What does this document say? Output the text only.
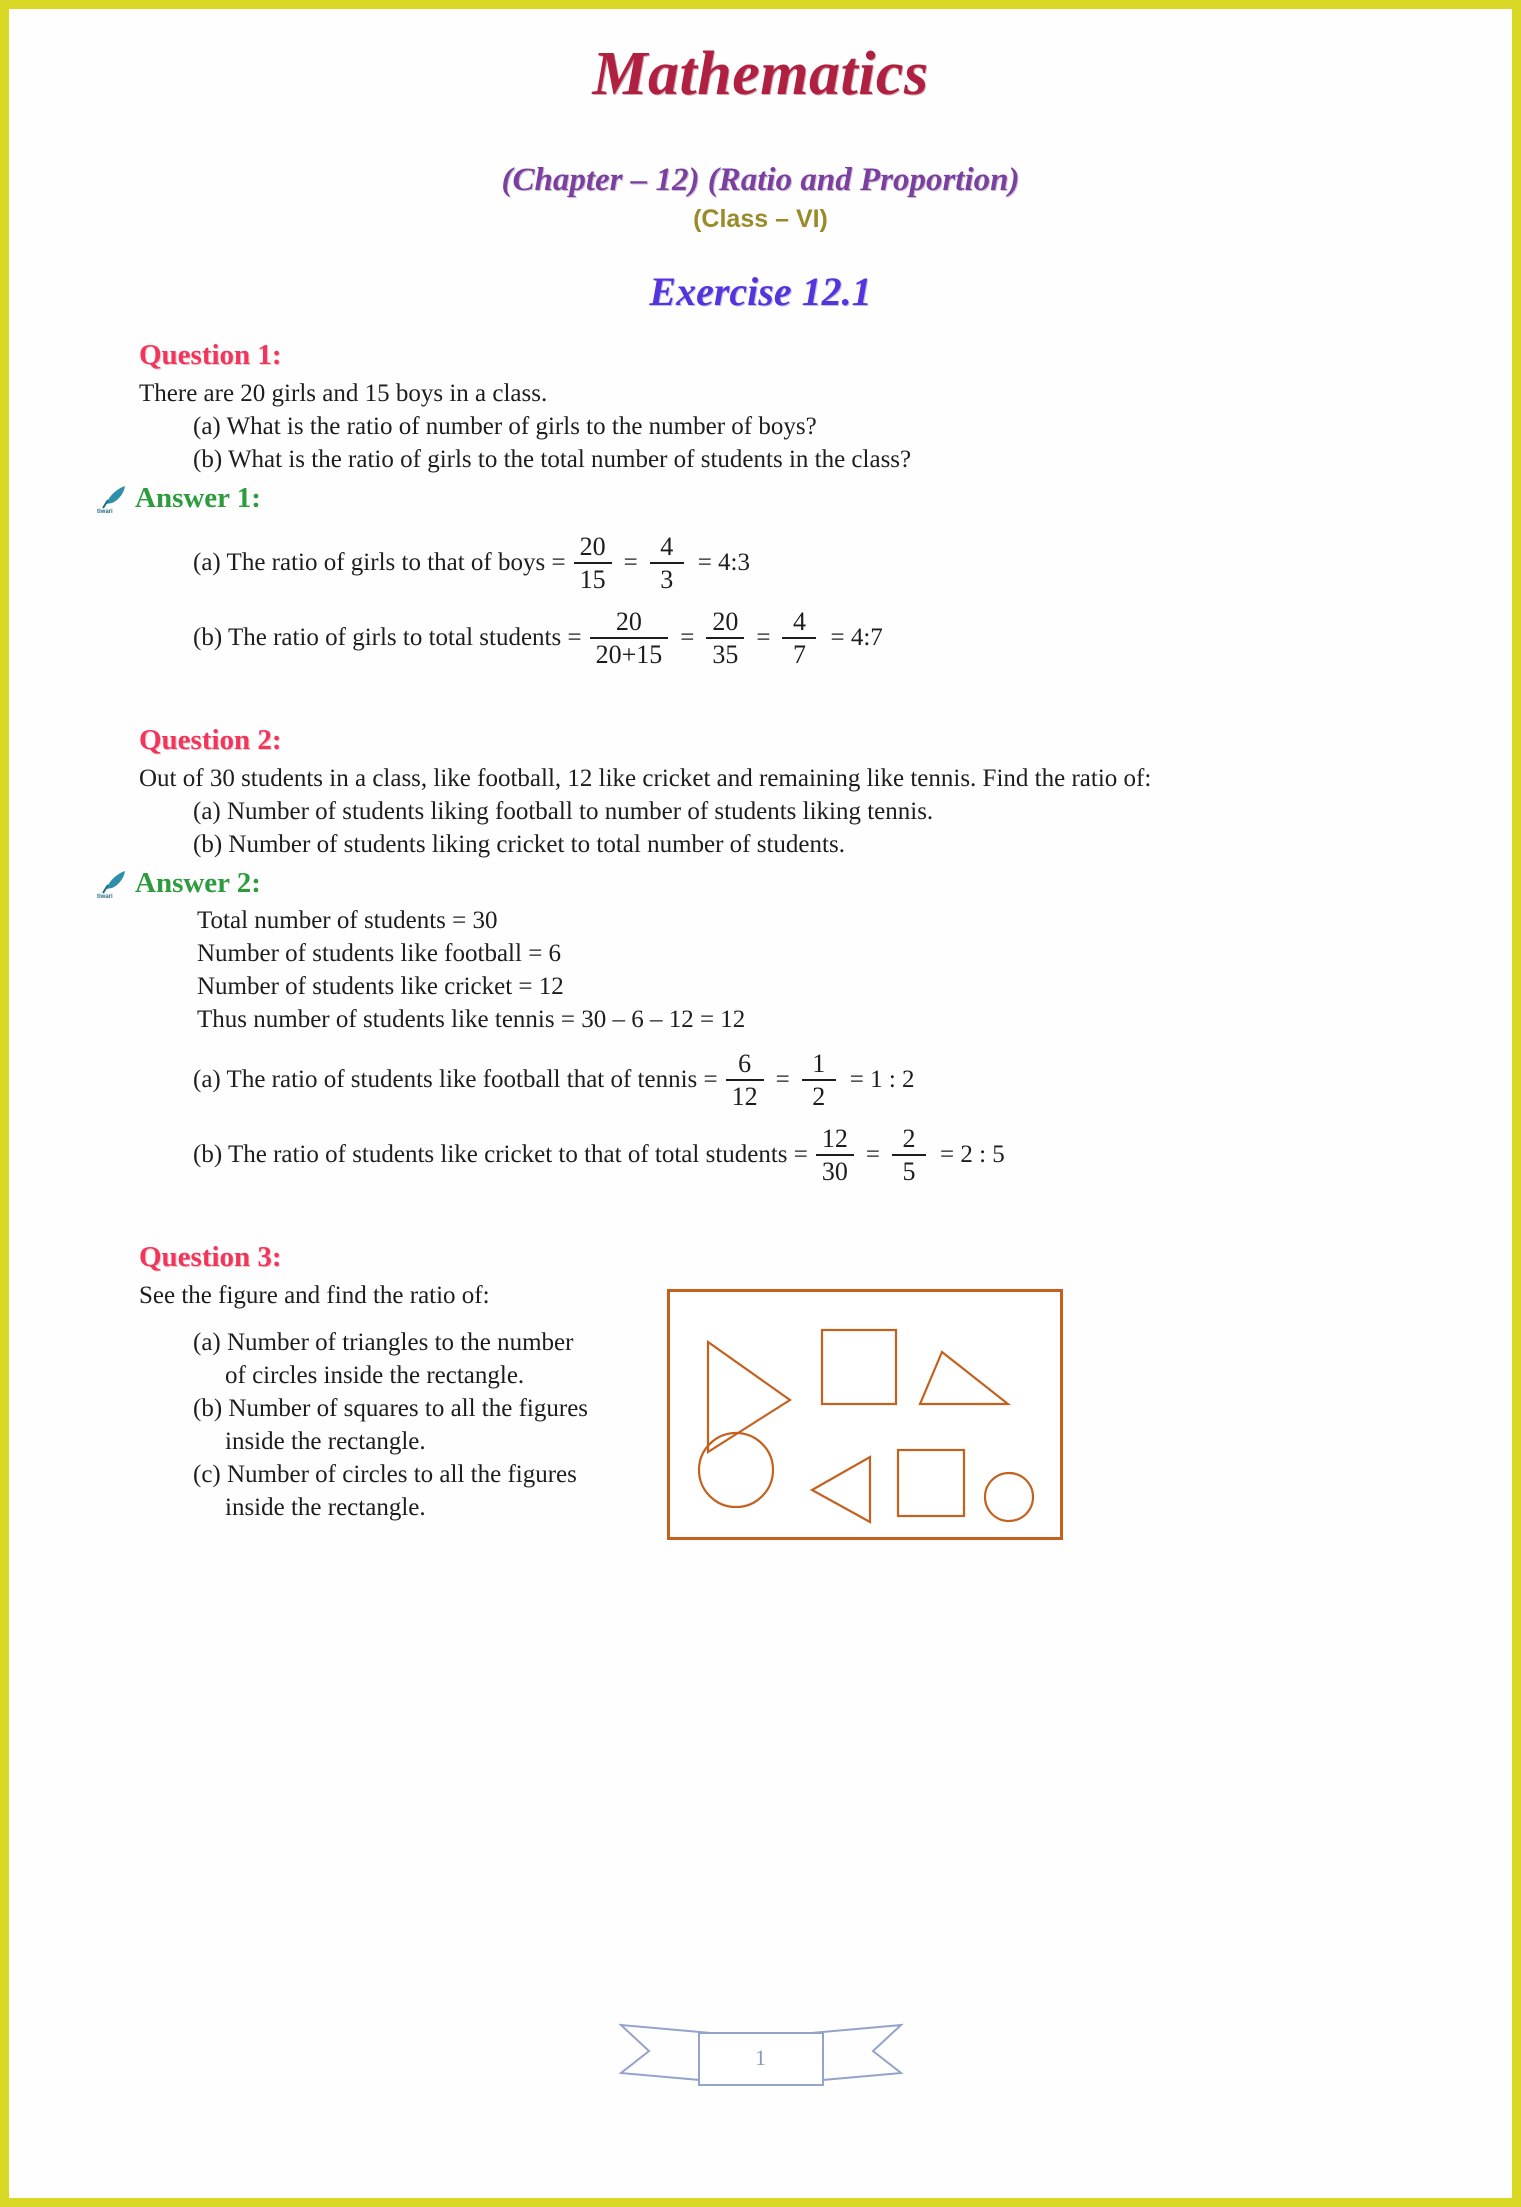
Mathematics
(Chapter – 12) (Ratio and Proportion)
(Class – VI)
Exercise 12.1
Question 1:
There are 20 girls and 15 boys in a class.
(a) What is the ratio of number of girls to the number of boys?
(b) What is the ratio of girls to the total number of students in the class?
tiwari Answer 1:
(a) The ratio of girls to that of boys = $\frac{20}{15} = \frac{4}{3}$ = 4:3
(b) The ratio of girls to total students = $\frac{20}{20+15} = \frac{20}{35} = \frac{4}{7}$ = 4:7
Question 2:
Out of 30 students in a class, like football, 12 like cricket and remaining like tennis. Find the ratio of:
(a) Number of students liking football to number of students liking tennis.
(b) Number of students liking cricket to total number of students.
tiwari Answer 2:
Total number of students = 30
Number of students like football = 6
Number of students like cricket = 12
Thus number of students like tennis = 30 – 6 – 12 = 12
(a) The ratio of students like football that of tennis = $\frac{6}{12} = \frac{1}{2} = 1$ : 2
(b) The ratio of students like cricket to that of total students = $\frac{12}{30} = \frac{2}{5} = 2$ : 5
Question 3:
See the figure and find the ratio of:
(a) Number of triangles to the number
of circles inside the rectangle.
(b) Number of squares to all the figures
inside the rectangle.
(c) Number of circles to all the figures
inside the rectangle.
1
